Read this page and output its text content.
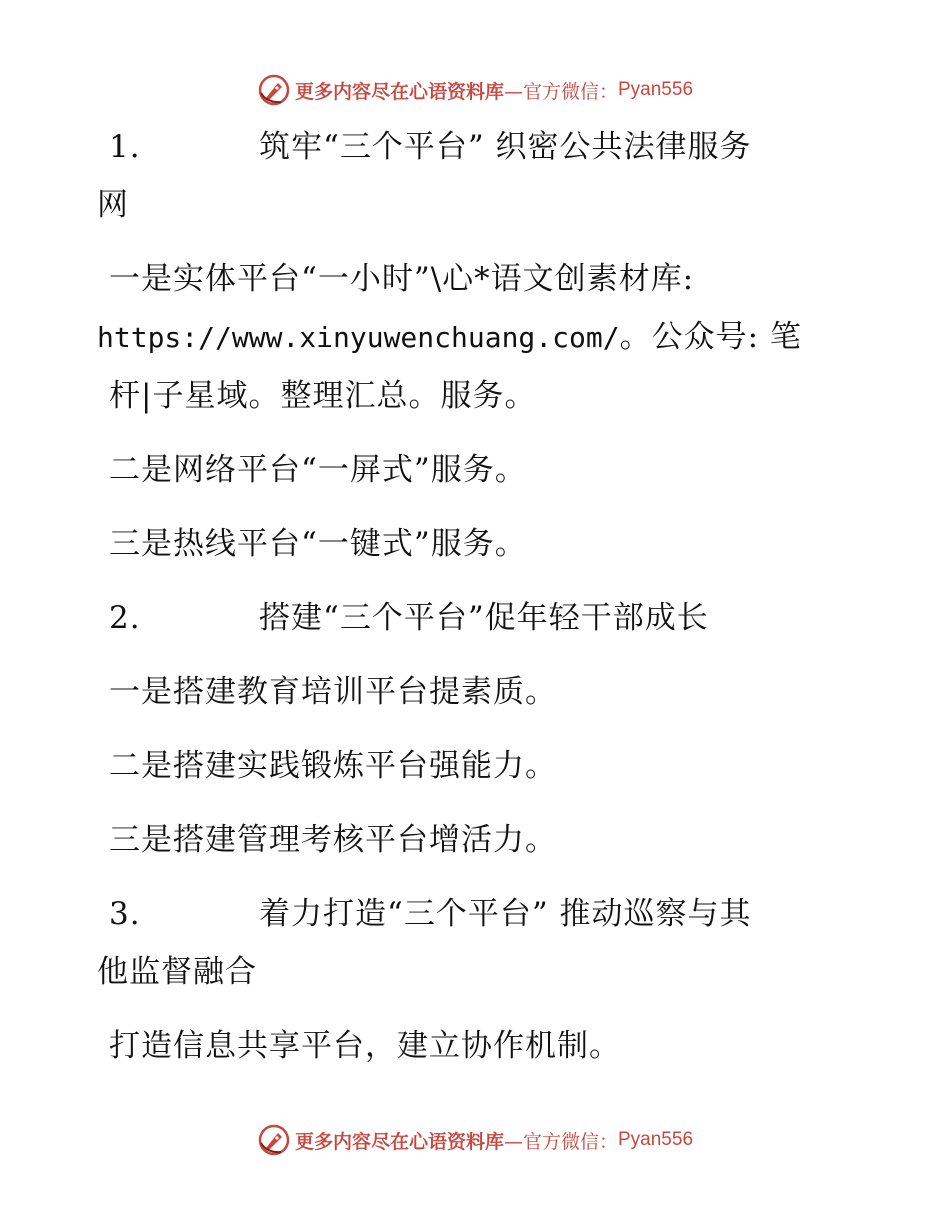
更多内容尽在心语资料库 —官方微信： Pyan556
1.	筑牢“三个平台” 织密公共法律服务
网
一是实体平台“一小时”\心*语文创素材库:
https://www.xinyuwenchuang.com/。公众号: 笔杆|子星域。整理汇总。服务。
二是网络平台“一屏式”服务。
三是热线平台“一键式”服务。
2.	搭建“三个平台”促年轻干部成长
一是搭建教育培训平台提素质。
二是搭建实践锻炼平台强能力。
三是搭建管理考核平台增活力。
3.	着力打造“三个平台” 推动巡察与其
他监督融合
打造信息共享平台，建立协作机制。
更多内容尽在心语资料库 —官方微信： Pyan556
